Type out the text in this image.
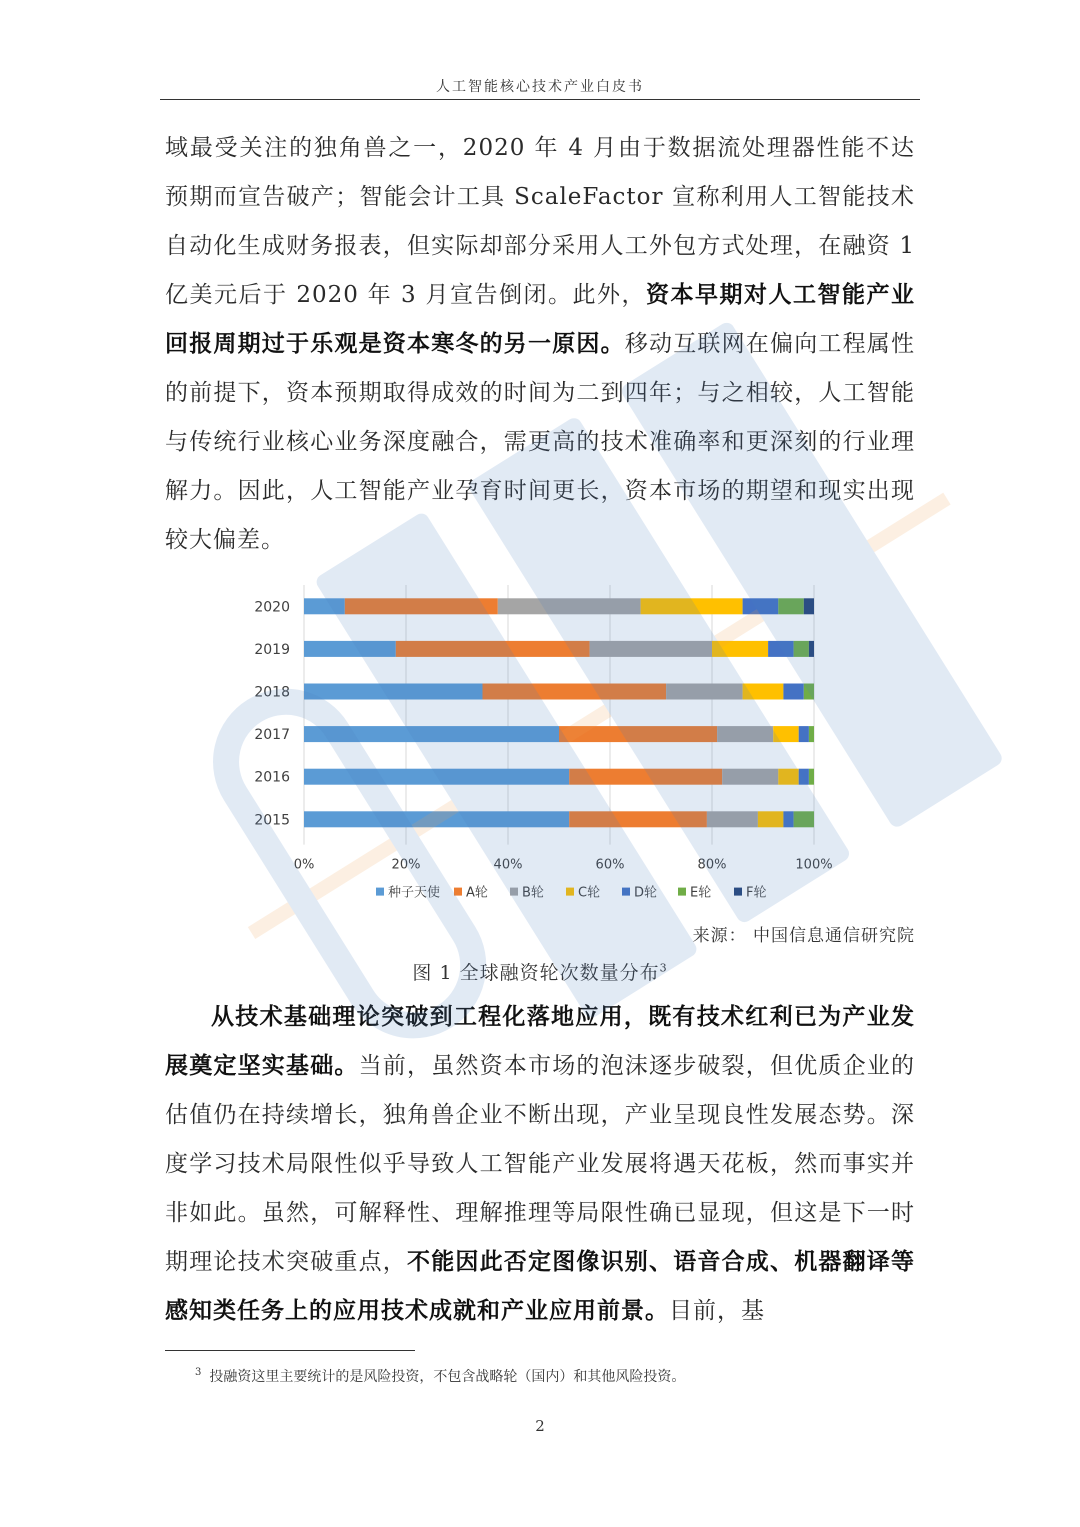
人工智能核心技术产业白皮书

域最受关注的独角兽之一，2020 年 4 月由于数据流处理器性能不达预期而宣告破产；智能会计工具 ScaleFactor 宣称利用人工智能技术自动化生成财务报表，但实际却部分采用人工外包方式处理，在融资 1 亿美元后于 2020 年 3 月宣告倒闭。此外，资本早期对人工智能产业回报周期过于乐观是资本寒冬的另一原因。移动互联网在偏向工程属性的前提下，资本预期取得成效的时间为二到四年；与之相较，人工智能与传统行业核心业务深度融合，需更高的技术准确率和更深刻的行业理解力。因此，人工智能产业孕育时间更长，资本市场的期望和现实出现较大偏差。

0%	20%	40%	60%	80%	100%
2020
2019
2018
2017
2016
2015
种子天使 A轮	B轮	C轮	D轮	E轮	F轮
来源： 中国信息通信研究院
图 1 全球融资轮次数量分布$^3$

从技术基础理论突破到工程化落地应用，既有技术红利已为产业发展奠定坚实基础。当前，虽然资本市场的泡沫逐步破裂，但优质企业的估值仍在持续增长，独角兽企业不断出现，产业呈现良性发展态势。深度学习技术局限性似乎导致人工智能产业发展将遇天花板，然而事实并非如此。虽然，可解释性、理解推理等局限性确已显现，但这是下一时期理论技术突破重点，不能因此否定图像识别、语音合成、机器翻译等感知类任务上的应用技术成就和产业应用前景。目前，基

$^3$ 投融资这里主要统计的是风险投资，不包含战略轮（国内）和其他风险投资。
2
